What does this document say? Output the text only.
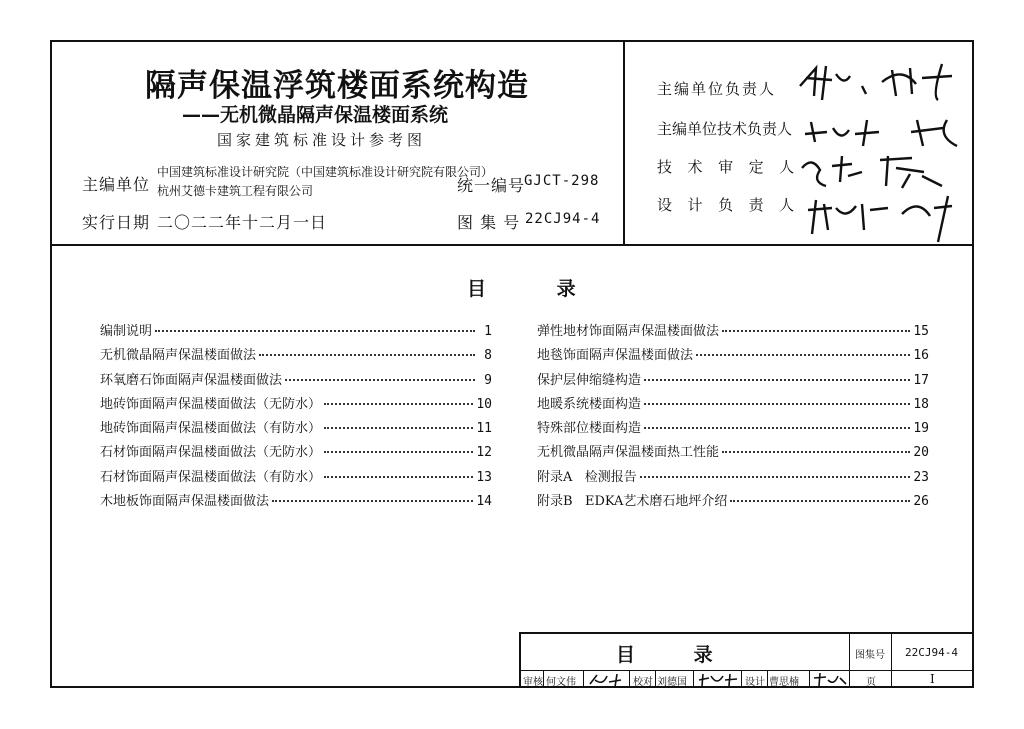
隔声保温浮筑楼面系统构造
——无机微晶隔声保温楼面系统
国家建筑标准设计参考图
主编单位
中国建筑标准设计研究院（中国建筑标准设计研究院有限公司）
杭州艾德卡建筑工程有限公司	统一编号
GJCT-298
实行日期 二〇二二年十二月一日	图 集 号 22CJ94-4
主编单位负责人
主编单位技术负责人
技  术  审  定  人
设  计  负  责  人
目 录
编制说明	1
无机微晶隔声保温楼面做法	8
环氧磨石饰面隔声保温楼面做法	9
地砖饰面隔声保温楼面做法（无防水）	10
地砖饰面隔声保温楼面做法（有防水）	11
石材饰面隔声保温楼面做法（无防水）	12
石材饰面隔声保温楼面做法（有防水）	13
木地板饰面隔声保温楼面做法	14
弹性地材饰面隔声保温楼面做法	15
地毯饰面隔声保温楼面做法	16
保护层伸缩缝构造	17
地暖系统楼面构造	18
特殊部位楼面构造	19
无机微晶隔声保温楼面热工性能	20
附录A   检测报告	23
附录B   EDKA艺术磨石地坪介绍	26
目 录	图集号 22CJ94-4
审核 何文伟	校对 刘德国	设计 曹思楠	页	I
